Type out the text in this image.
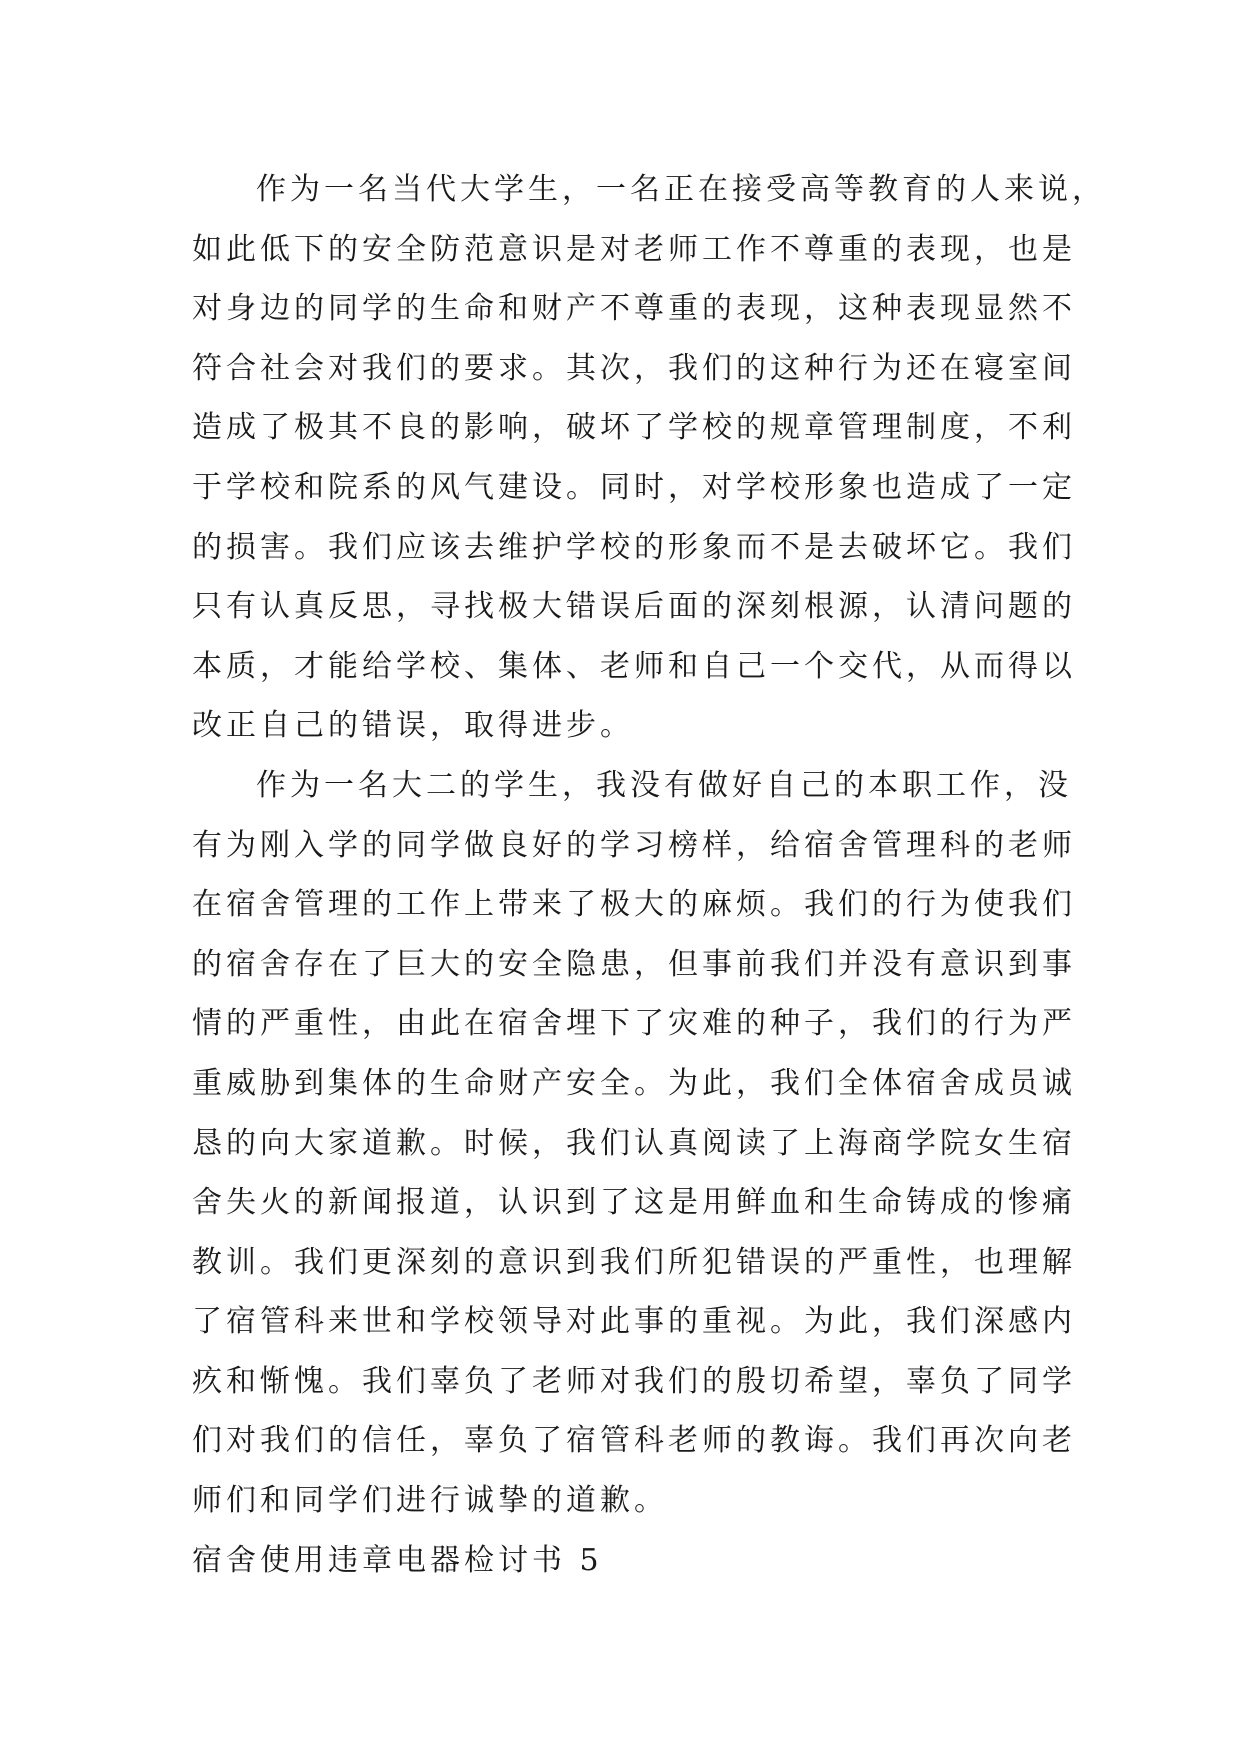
作为一名当代大学生，一名正在接受高等教育的人来说，
如此低下的安全防范意识是对老师工作不尊重的表现，也是
对身边的同学的生命和财产不尊重的表现，这种表现显然不
符合社会对我们的要求。其次，我们的这种行为还在寝室间
造成了极其不良的影响，破坏了学校的规章管理制度，不利
于学校和院系的风气建设。同时，对学校形象也造成了一定
的损害。我们应该去维护学校的形象而不是去破坏它。我们
只有认真反思，寻找极大错误后面的深刻根源，认清问题的
本质，才能给学校、集体、老师和自己一个交代，从而得以
改正自己的错误，取得进步。
作为一名大二的学生，我没有做好自己的本职工作，没
有为刚入学的同学做良好的学习榜样，给宿舍管理科的老师
在宿舍管理的工作上带来了极大的麻烦。我们的行为使我们
的宿舍存在了巨大的安全隐患，但事前我们并没有意识到事
情的严重性，由此在宿舍埋下了灾难的种子，我们的行为严
重威胁到集体的生命财产安全。为此，我们全体宿舍成员诚
恳的向大家道歉。时候，我们认真阅读了上海商学院女生宿
舍失火的新闻报道，认识到了这是用鲜血和生命铸成的惨痛
教训。我们更深刻的意识到我们所犯错误的严重性，也理解
了宿管科来世和学校领导对此事的重视。为此，我们深感内
疚和惭愧。我们辜负了老师对我们的殷切希望，辜负了同学
们对我们的信任，辜负了宿管科老师的教诲。我们再次向老
师们和同学们进行诚挚的道歉。
宿舍使用违章电器检讨书 5
